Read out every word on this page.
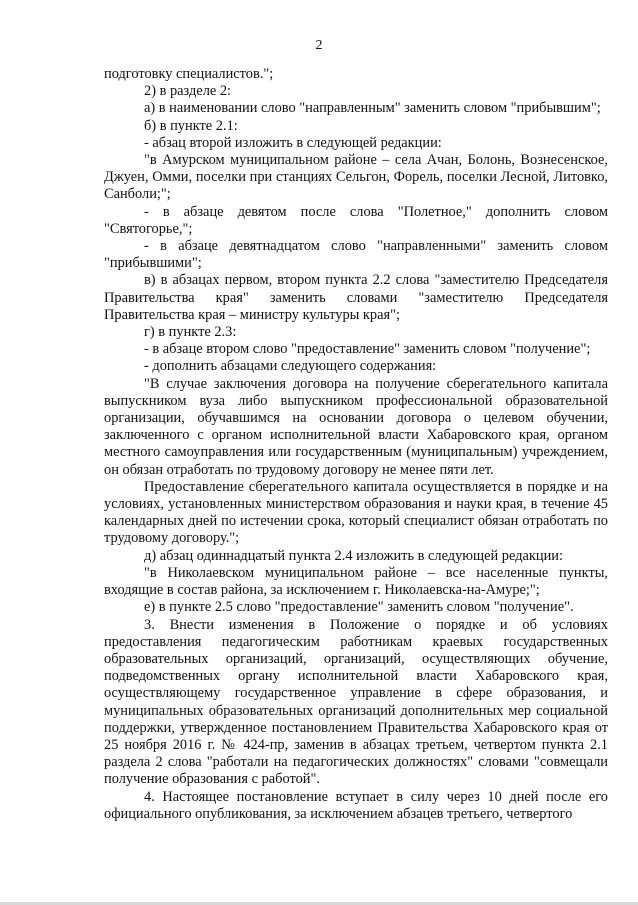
2

подготовку специалистов.";

2) в разделе 2:

а) в наименовании слово "направленным" заменить словом "прибывшим";

б) в пункте 2.1:

- абзац второй изложить в следующей редакции:

"в Амурском муниципальном районе – села Ачан, Болонь, Вознесенское, Джуен, Омми, поселки при станциях Сельгон, Форель, поселки Лесной, Литовко, Санболи;";

- в абзаце девятом после слова "Полетное," дополнить словом "Святогорье,";

- в абзаце девятнадцатом слово "направленными" заменить словом "прибывшими";

в) в абзацах первом, втором пункта 2.2 слова "заместителю Председателя Правительства края" заменить словами "заместителю Председателя Правительства края – министру культуры края";

г) в пункте 2.3:

- в абзаце втором слово "предоставление" заменить словом "получение";

- дополнить абзацами следующего содержания:

"В случае заключения договора на получение сберегательного капитала выпускником вуза либо выпускником профессиональной образовательной организации, обучавшимся на основании договора о целевом обучении, заключенного с органом исполнительной власти Хабаровского края, органом местного самоуправления или государственным (муниципальным) учреждением, он обязан отработать по трудовому договору не менее пяти лет.

Предоставление сберегательного капитала осуществляется в порядке и на условиях, установленных министерством образования и науки края, в течение 45 календарных дней по истечении срока, который специалист обязан отработать по трудовому договору.";

д) абзац одиннадцатый пункта 2.4 изложить в следующей редакции:

"в Николаевском муниципальном районе – все населенные пункты, входящие в состав района, за исключением г. Николаевска-на-Амуре;";

е) в пункте 2.5 слово "предоставление" заменить словом "получение".

3. Внести изменения в Положение о порядке и об условиях предоставления педагогическим работникам краевых государственных образовательных организаций, организаций, осуществляющих обучение, подведомственных органу исполнительной власти Хабаровского края, осуществляющему государственное управление в сфере образования, и муниципальных образовательных организаций дополнительных мер социальной поддержки, утвержденное постановлением Правительства Хабаровского края от 25 ноября 2016 г. № 424-пр, заменив в абзацах третьем, четвертом пункта 2.1 раздела 2 слова "работали на педагогических должностях" словами "совмещали получение образования с работой".

4. Настоящее постановление вступает в силу через 10 дней после его официального опубликования, за исключением абзацев третьего, четвертого
